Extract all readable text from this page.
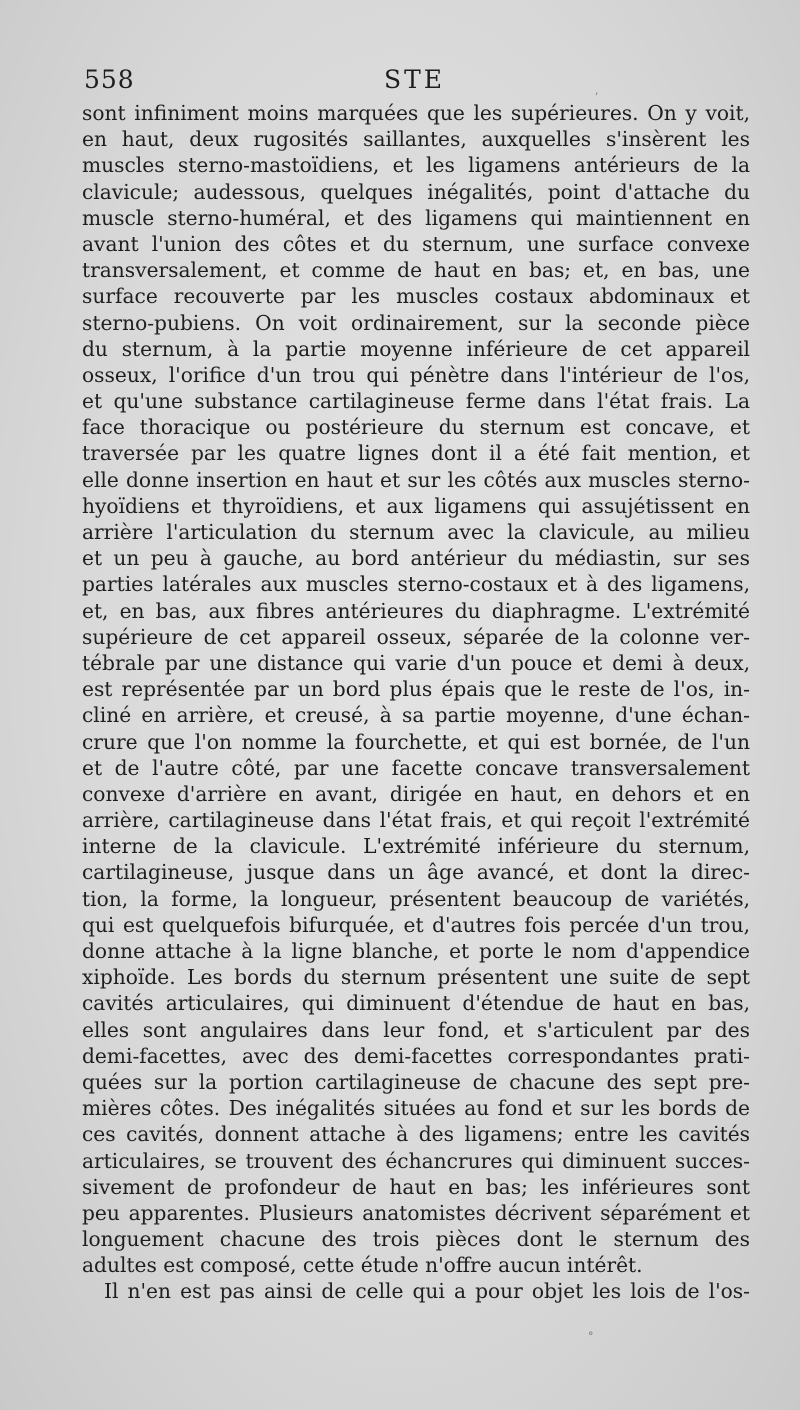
558	STE
sont infiniment moins marquées que les supérieures. On y voit,
en haut, deux rugosités saillantes, auxquelles s'insèrent les
muscles sterno-mastoïdiens, et les ligamens antérieurs de la
clavicule; audessous, quelques inégalités, point d'attache du
muscle sterno-huméral, et des ligamens qui maintiennent en
avant l'union des côtes et du sternum, une surface convexe
transversalement, et comme de haut en bas; et, en bas, une
surface recouverte par les muscles costaux abdominaux et
sterno-pubiens. On voit ordinairement, sur la seconde pièce
du sternum, à la partie moyenne inférieure de cet appareil
osseux, l'orifice d'un trou qui pénètre dans l'intérieur de l'os,
et qu'une substance cartilagineuse ferme dans l'état frais. La
face thoracique ou postérieure du sternum est concave, et
traversée par les quatre lignes dont il a été fait mention, et
elle donne insertion en haut et sur les côtés aux muscles sterno-
hyoïdiens et thyroïdiens, et aux ligamens qui assujétissent en
arrière l'articulation du sternum avec la clavicule, au milieu
et un peu à gauche, au bord antérieur du médiastin, sur ses
parties latérales aux muscles sterno-costaux et à des ligamens,
et, en bas, aux fibres antérieures du diaphragme. L'extrémité
supérieure de cet appareil osseux, séparée de la colonne ver-
tébrale par une distance qui varie d'un pouce et demi à deux,
est représentée par un bord plus épais que le reste de l'os, in-
cliné en arrière, et creusé, à sa partie moyenne, d'une échan-
crure que l'on nomme la fourchette, et qui est bornée, de l'un
et de l'autre côté, par une facette concave transversalement
convexe d'arrière en avant, dirigée en haut, en dehors et en
arrière, cartilagineuse dans l'état frais, et qui reçoit l'extrémité
interne de la clavicule. L'extrémité inférieure du sternum,
cartilagineuse, jusque dans un âge avancé, et dont la direc-
tion, la forme, la longueur, présentent beaucoup de variétés,
qui est quelquefois bifurquée, et d'autres fois percée d'un trou,
donne attache à la ligne blanche, et porte le nom d'appendice
xiphoïde. Les bords du sternum présentent une suite de sept
cavités articulaires, qui diminuent d'étendue de haut en bas,
elles sont angulaires dans leur fond, et s'articulent par des
demi-facettes, avec des demi-facettes correspondantes prati-
quées sur la portion cartilagineuse de chacune des sept pre-
mières côtes. Des inégalités situées au fond et sur les bords de
ces cavités, donnent attache à des ligamens; entre les cavités
articulaires, se trouvent des échancrures qui diminuent succes-
sivement de profondeur de haut en bas; les inférieures sont
peu apparentes. Plusieurs anatomistes décrivent séparément et
longuement chacune des trois pièces dont le sternum des
adultes est composé, cette étude n'offre aucun intérêt.
Il n'en est pas ainsi de celle qui a pour objet les lois de l'os-
,
°
